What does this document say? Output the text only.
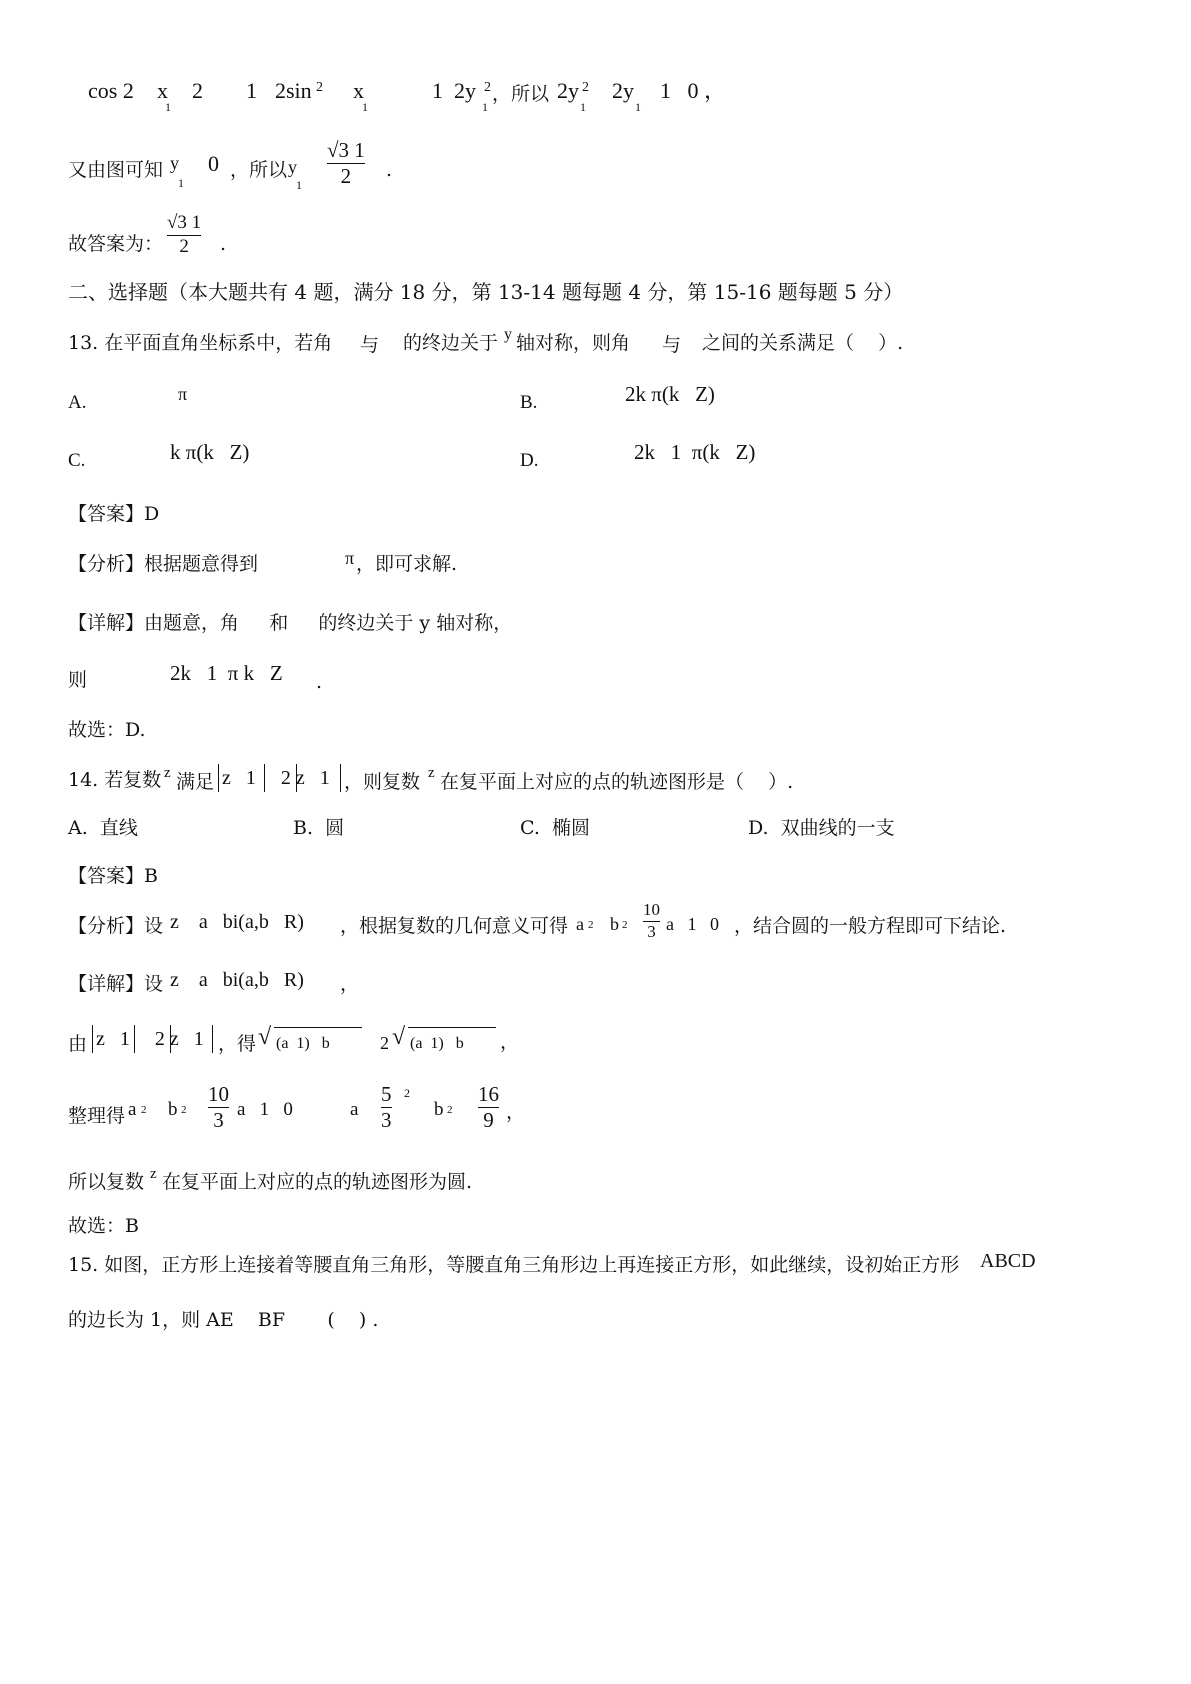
cos 2 x
1
2 1 2sin 2 x
1
1  2y 2
1
，所以 2y 2
1
2y
1
1   0 ，
又由图可知 y
1
0 ，所以 y
1
√3 1
2 .
故答案为：
√3 1
2 .
二、选择题（本大题共有 4 题，满分 18 分，第 13-14 题每题 4 分，第 15-16 题每题 5 分）
13. 在平面直角坐标系中，若角 与 的终边关于 y 轴对称，则角 与 之间的关系满足（    ）.
A.	π	B.	2k π(k   Z)
C.	k π(k   Z)	D.	2k   1  π(k   Z)
【答案】D
【分析】根据题意得到	π ，即可求解.
【详解】由题意，角     和     的终边关于 y 轴对称，
则	2k   1  π k   Z .
故选：D.
14. 若复数 z 满足 z   1     2 z   1 ，则复数 z 在复平面上对应的点的轨迹图形是（    ）.
A.  直线	B.  圆	C.  椭圆	D.  双曲线的一支
【答案】B
【分析】设 z    a   bi(a,b   R) ，根据复数的几何意义可得 a 2 b 2
10
3 a   1   0 ，结合圆的一般方程即可下结论.
【详解】设 z    a   bi(a,b   R) ，
由 z   1     2 z   1 ，得 √ (a  1)   b	2 √ (a  1)   b ，
整理得 a 2 b 2
10
3 a   1   0	a
5
3
2
b 2
16
9 ，
所以复数 z 在复平面上对应的点的轨迹图形为圆.
故选：B
15. 如图，正方形上连接着等腰直角三角形，等腰直角三角形边上再连接正方形，如此继续，设初始正方形 ABCD
的边长为 1，则 AE    BF       (    ) .
